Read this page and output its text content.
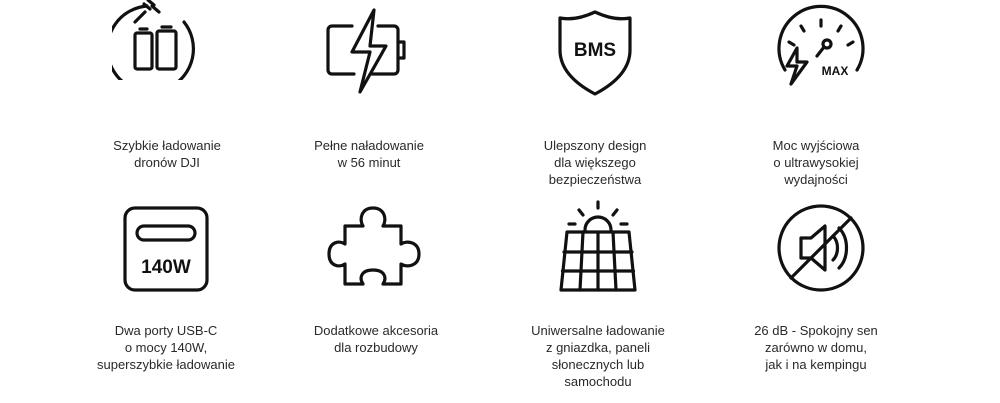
Szybkie ładowanie
dronów DJI
Pełne naładowanie
w 56 minut
BMS
Ulepszony design
dla większego
bezpieczeństwa
MAX
Moc wyjściowa
o ultrawysokiej
wydajności
140W
Dwa porty USB-C
o mocy 140W,
superszybkie ładowanie
Dodatkowe akcesoria
dla rozbudowy
Uniwersalne ładowanie
z gniazdka, paneli
słonecznych lub
samochodu
26 dB - Spokojny sen
zarówno w domu,
jak i na kempingu
